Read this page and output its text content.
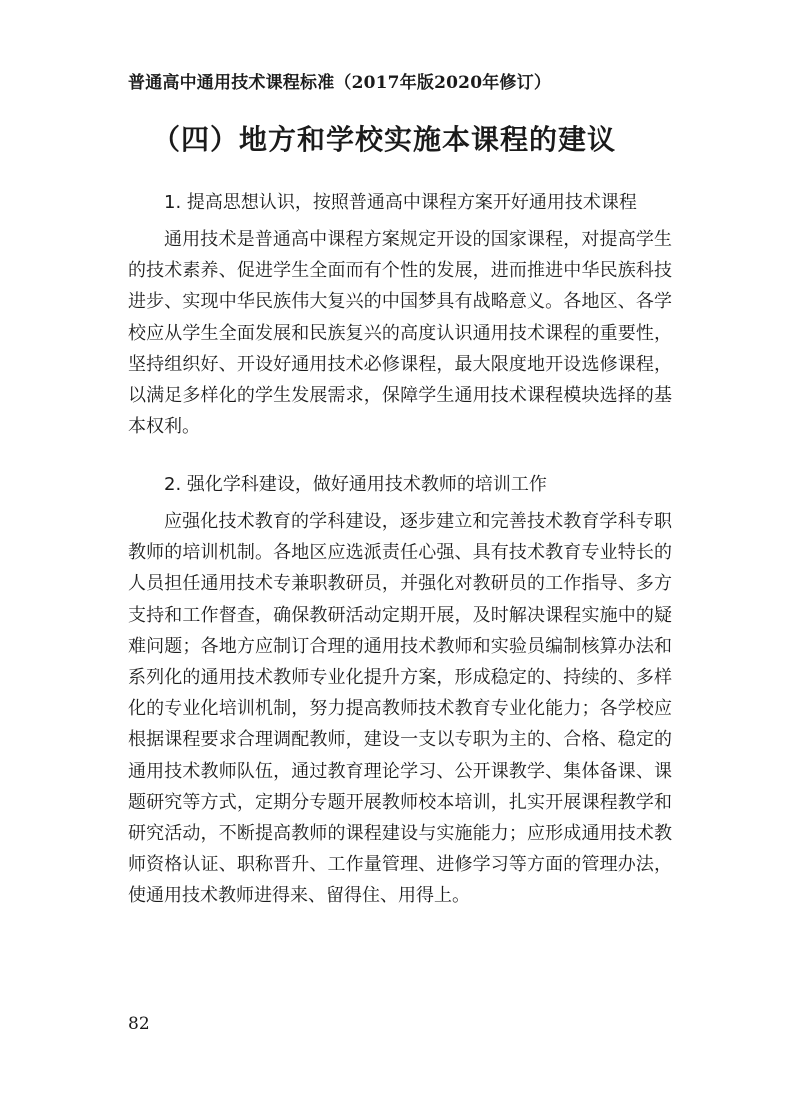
普通高中通用技术课程标准（2017年版2020年修订）
（四）地方和学校实施本课程的建议
1. 提高思想认识，按照普通高中课程方案开好通用技术课程

通用技术是普通高中课程方案规定开设的国家课程，对提高学生的技术素养、促进学生全面而有个性的发展，进而推进中华民族科技进步、实现中华民族伟大复兴的中国梦具有战略意义。各地区、各学校应从学生全面发展和民族复兴的高度认识通用技术课程的重要性，坚持组织好、开设好通用技术必修课程，最大限度地开设选修课程，以满足多样化的学生发展需求，保障学生通用技术课程模块选择的基本权利。

2. 强化学科建设，做好通用技术教师的培训工作

应强化技术教育的学科建设，逐步建立和完善技术教育学科专职教师的培训机制。各地区应选派责任心强、具有技术教育专业特长的人员担任通用技术专兼职教研员，并强化对教研员的工作指导、多方支持和工作督查，确保教研活动定期开展，及时解决课程实施中的疑难问题；各地方应制订合理的通用技术教师和实验员编制核算办法和系列化的通用技术教师专业化提升方案，形成稳定的、持续的、多样化的专业化培训机制，努力提高教师技术教育专业化能力；各学校应根据课程要求合理调配教师，建设一支以专职为主的、合格、稳定的通用技术教师队伍，通过教育理论学习、公开课教学、集体备课、课题研究等方式，定期分专题开展教师校本培训，扎实开展课程教学和研究活动，不断提高教师的课程建设与实施能力；应形成通用技术教师资格认证、职称晋升、工作量管理、进修学习等方面的管理办法，使通用技术教师进得来、留得住、用得上。

82
